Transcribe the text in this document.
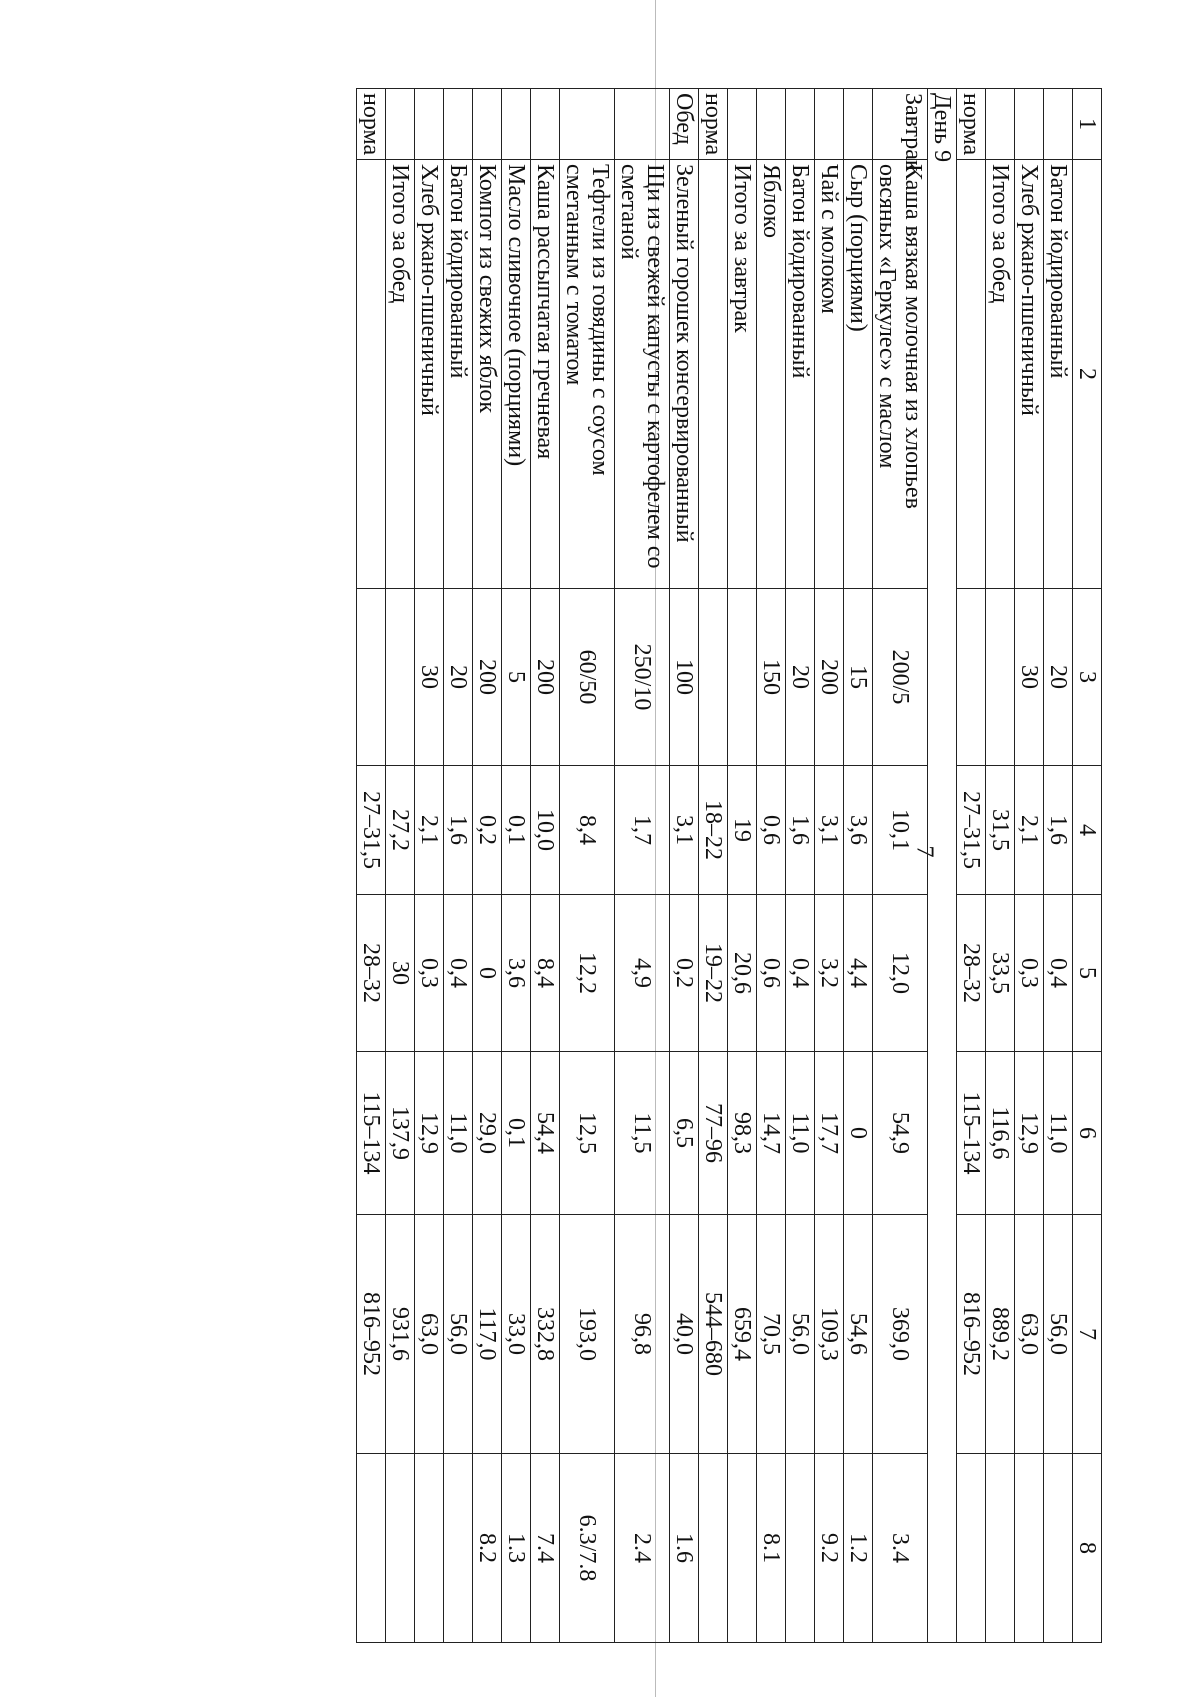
7
1	2	3	4	5	6	7	8
	Батон йодированный	20	1,6	0,4	11,0	56,0	
	Хлеб ржано-пшеничный	30	2,1	0,3	12,9	63,0	
	Итого за обед		31,5	33,5	116,6	889,2	
норма			27–31,5	28–32	115–134	816–952	
День 9							
Завтрак	Каша вязкая молочная из хлопьев овсяных «Геркулес» с маслом	200/5	10,1	12,0	54,9	369,0	3.4
	Сыр (порциями)	15	3,6	4,4	0	54,6	1.2
	Чай с молоком	200	3,1	3,2	17,7	109,3	9.2
	Батон йодированный	20	1,6	0,4	11,0	56,0	
	Яблоко	150	0,6	0,6	14,7	70,5	8.1
	Итого за завтрак		19	20,6	98,3	659,4	
норма			18–22	19–22	77–96	544–680	
Обед	Зеленый горошек консервированный	100	3,1	0,2	6,5	40,0	1.6
	Щи из свежей капусты с картофелем со сметаной	250/10	1,7	4,9	11,5	96,8	2.4
	Тефтели из говядины с соусом сметанным с томатом	60/50	8,4	12,2	12,5	193,0	6.3/7.8
	Каша рассыпчатая гречневая	200	10,0	8,4	54,4	332,8	7.4
	Масло сливочное (порциями)	5	0,1	3,6	0,1	33,0	1.3
	Компот из свежих яблок	200	0,2	0	29,0	117,0	8.2
	Батон йодированный	20	1,6	0,4	11,0	56,0	
	Хлеб ржано-пшеничный	30	2,1	0,3	12,9	63,0	
	Итого за обед		27,2	30	137,9	931,6	
норма			27–31,5	28–32	115–134	816–952	
